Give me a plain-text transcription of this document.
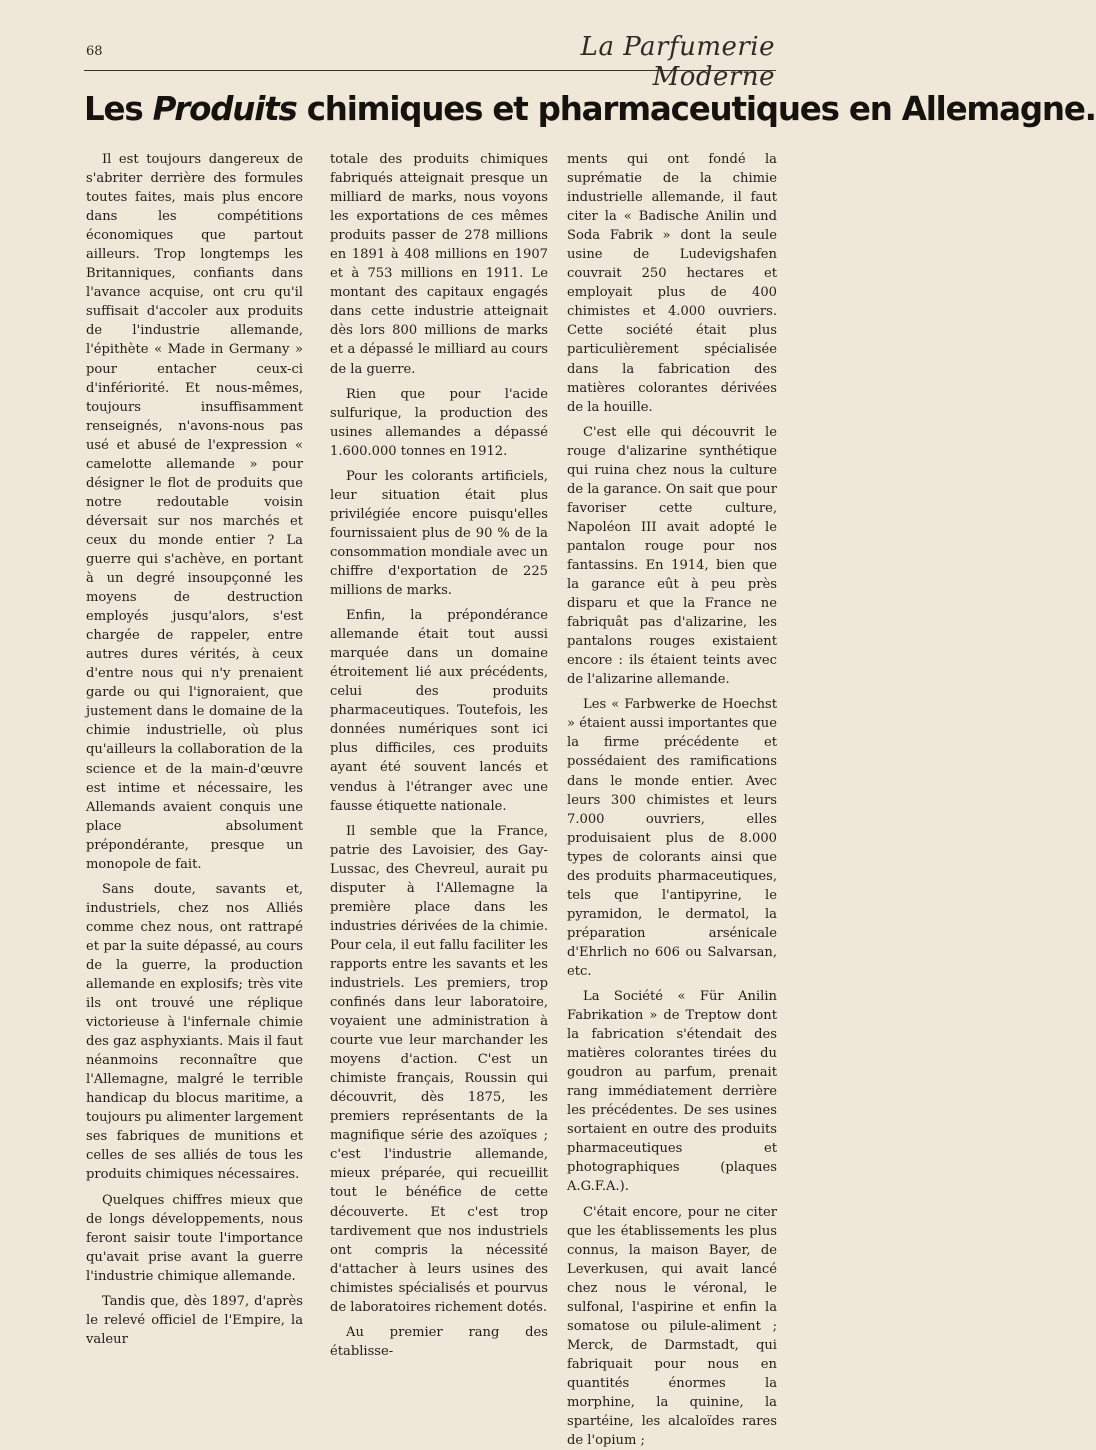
68	La Parfumerie Moderne
Les Produits chimiques et pharmaceutiques en Allemagne.

Il est toujours dangereux de s'abriter derrière des formules toutes faites, mais plus encore dans les compétitions économiques que partout ailleurs. Trop longtemps les Britanniques, confiants dans l'avance acquise, ont cru qu'il suffisait d'accoler aux produits de l'industrie allemande, l'épithète « Made in Germany » pour entacher ceux-ci d'infériorité. Et nous-mêmes, toujours insuffisamment renseignés, n'avons-nous pas usé et abusé de l'expression « camelotte allemande » pour désigner le flot de produits que notre redoutable voisin déversait sur nos marchés et ceux du monde entier ? La guerre qui s'achève, en portant à un degré insoupçonné les moyens de destruction employés jusqu'alors, s'est chargée de rappeler, entre autres dures vérités, à ceux d'entre nous qui n'y prenaient garde ou qui l'ignoraient, que justement dans le domaine de la chimie industrielle, où plus qu'ailleurs la collaboration de la science et de la main-d'œuvre est intime et nécessaire, les Allemands avaient conquis une place absolument prépondérante, presque un monopole de fait.

Sans doute, savants et, industriels, chez nos Alliés comme chez nous, ont rattrapé et par la suite dépassé, au cours de la guerre, la production allemande en explosifs; très vite ils ont trouvé une réplique victorieuse à l'infernale chimie des gaz asphyxiants. Mais il faut néanmoins reconnaître que l'Allemagne, malgré le terrible handicap du blocus maritime, a toujours pu alimenter largement ses fabriques de munitions et celles de ses alliés de tous les produits chimiques nécessaires.

Quelques chiffres mieux que de longs développements, nous feront saisir toute l'importance qu'avait prise avant la guerre l'industrie chimique allemande.

Tandis que, dès 1897, d'après le relevé officiel de l'Empire, la valeur

totale des produits chimiques fabriqués atteignait presque un milliard de marks, nous voyons les exportations de ces mêmes produits passer de 278 millions en 1891 à 408 millions en 1907 et à 753 millions en 1911. Le montant des capitaux engagés dans cette industrie atteignait dès lors 800 millions de marks et a dépassé le milliard au cours de la guerre.

Rien que pour l'acide sulfurique, la production des usines allemandes a dépassé 1.600.000 tonnes en 1912.

Pour les colorants artificiels, leur situation était plus privilégiée encore puisqu'elles fournissaient plus de 90 % de la consommation mondiale avec un chiffre d'exportation de 225 millions de marks.

Enfin, la prépondérance allemande était tout aussi marquée dans un domaine étroitement lié aux précédents, celui des produits pharmaceutiques. Toutefois, les données numériques sont ici plus difficiles, ces produits ayant été souvent lancés et vendus à l'étranger avec une fausse étiquette nationale.

Il semble que la France, patrie des Lavoisier, des Gay-Lussac, des Chevreul, aurait pu disputer à l'Allemagne la première place dans les industries dérivées de la chimie. Pour cela, il eut fallu faciliter les rapports entre les savants et les industriels. Les premiers, trop confinés dans leur laboratoire, voyaient une administration à courte vue leur marchander les moyens d'action. C'est un chimiste français, Roussin qui découvrit, dès 1875, les premiers représentants de la magnifique série des azoïques ; c'est l'industrie allemande, mieux préparée, qui recueillit tout le bénéfice de cette découverte. Et c'est trop tardivement que nos industriels ont compris la nécessité d'attacher à leurs usines des chimistes spécialisés et pourvus de laboratoires richement dotés.

Au premier rang des établisse-

ments qui ont fondé la suprématie de la chimie industrielle allemande, il faut citer la « Badische Anilin und Soda Fabrik » dont la seule usine de Ludevigshafen couvrait 250 hectares et employait plus de 400 chimistes et 4.000 ouvriers. Cette société était plus particulièrement spécialisée dans la fabrication des matières colorantes dérivées de la houille.

C'est elle qui découvrit le rouge d'alizarine synthétique qui ruina chez nous la culture de la garance. On sait que pour favoriser cette culture, Napoléon III avait adopté le pantalon rouge pour nos fantassins. En 1914, bien que la garance eût à peu près disparu et que la France ne fabriquât pas d'alizarine, les pantalons rouges existaient encore : ils étaient teints avec de l'alizarine allemande.

Les « Farbwerke de Hoechst » étaient aussi importantes que la firme précédente et possédaient des ramifications dans le monde entier. Avec leurs 300 chimistes et leurs 7.000 ouvriers, elles produisaient plus de 8.000 types de colorants ainsi que des produits pharmaceutiques, tels que l'antipyrine, le pyramidon, le dermatol, la préparation arsénicale d'Ehrlich no 606 ou Salvarsan, etc.

La Société « Für Anilin Fabrikation » de Treptow dont la fabrication s'étendait des matières colorantes tirées du goudron au parfum, prenait rang immédiatement derrière les précédentes. De ses usines sortaient en outre des produits pharmaceutiques et photographiques (plaques A.G.F.A.).

C'était encore, pour ne citer que les établissements les plus connus, la maison Bayer, de Leverkusen, qui avait lancé chez nous le véronal, le sulfonal, l'aspirine et enfin la somatose ou pilule-aliment ; Merck, de Darmstadt, qui fabriquait pour nous en quantités énormes la morphine, la quinine, la spartéine, les alcaloïdes rares de l'opium ;
